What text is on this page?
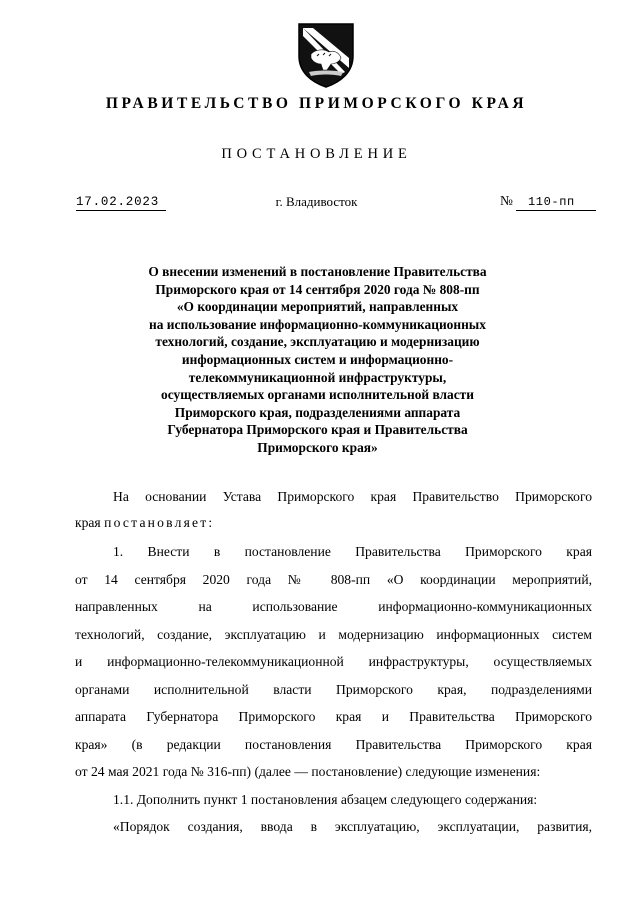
ПРАВИТЕЛЬСТВО ПРИМОРСКОГО КРАЯ
ПОСТАНОВЛЕНИЕ
17.02.2023	г. Владивосток	№ 110-пп
О внесении изменений в постановление Правительства
Приморского края от 14 сентября 2020 года № 808-пп
«О координации мероприятий, направленных
на использование информационно-коммуникационных
технологий, создание, эксплуатацию и модернизацию
информационных систем и информационно-
телекоммуникационной инфраструктуры,
осуществляемых органами исполнительной власти
Приморского края, подразделениями аппарата
Губернатора Приморского края и Правительства
Приморского края»
На основании Устава Приморского края Правительство Приморского
края постановляет:
1. Внести в постановление Правительства Приморского края
от 14 сентября 2020 года № 808-пп «О координации мероприятий,
направленных на использование информационно-коммуникационных
технологий, создание, эксплуатацию и модернизацию информационных систем
и информационно-телекоммуникационной инфраструктуры, осуществляемых
органами исполнительной власти Приморского края, подразделениями
аппарата Губернатора Приморского края и Правительства Приморского
края» (в редакции постановления Правительства Приморского края
от 24 мая 2021 года № 316-пп) (далее — постановление) следующие изменения:
1.1. Дополнить пункт 1 постановления абзацем следующего содержания:
«Порядок создания, ввода в эксплуатацию, эксплуатации, развития,
